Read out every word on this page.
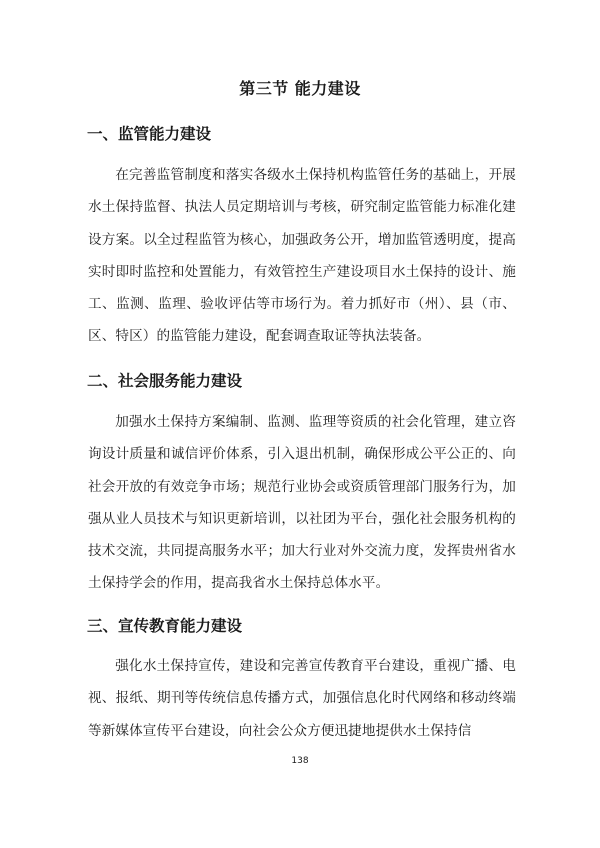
第三节 能力建设
一、监管能力建设

在完善监管制度和落实各级水土保持机构监管任务的基础上，开展水土保持监督、执法人员定期培训与考核，研究制定监管能力标准化建设方案。以全过程监管为核心，加强政务公开，增加监管透明度，提高实时即时监控和处置能力，有效管控生产建设项目水土保持的设计、施工、监测、监理、验收评估等市场行为。着力抓好市（州）、县（市、区、特区）的监管能力建设，配套调查取证等执法装备。

二、社会服务能力建设

加强水土保持方案编制、监测、监理等资质的社会化管理，建立咨询设计质量和诚信评价体系，引入退出机制，确保形成公平公正的、向社会开放的有效竞争市场；规范行业协会或资质管理部门服务行为，加强从业人员技术与知识更新培训，以社团为平台，强化社会服务机构的技术交流，共同提高服务水平；加大行业对外交流力度，发挥贵州省水土保持学会的作用，提高我省水土保持总体水平。

三、宣传教育能力建设

强化水土保持宣传，建设和完善宣传教育平台建设，重视广播、电视、报纸、期刊等传统信息传播方式，加强信息化时代网络和移动终端等新媒体宣传平台建设，向社会公众方便迅捷地提供水土保持信

138
